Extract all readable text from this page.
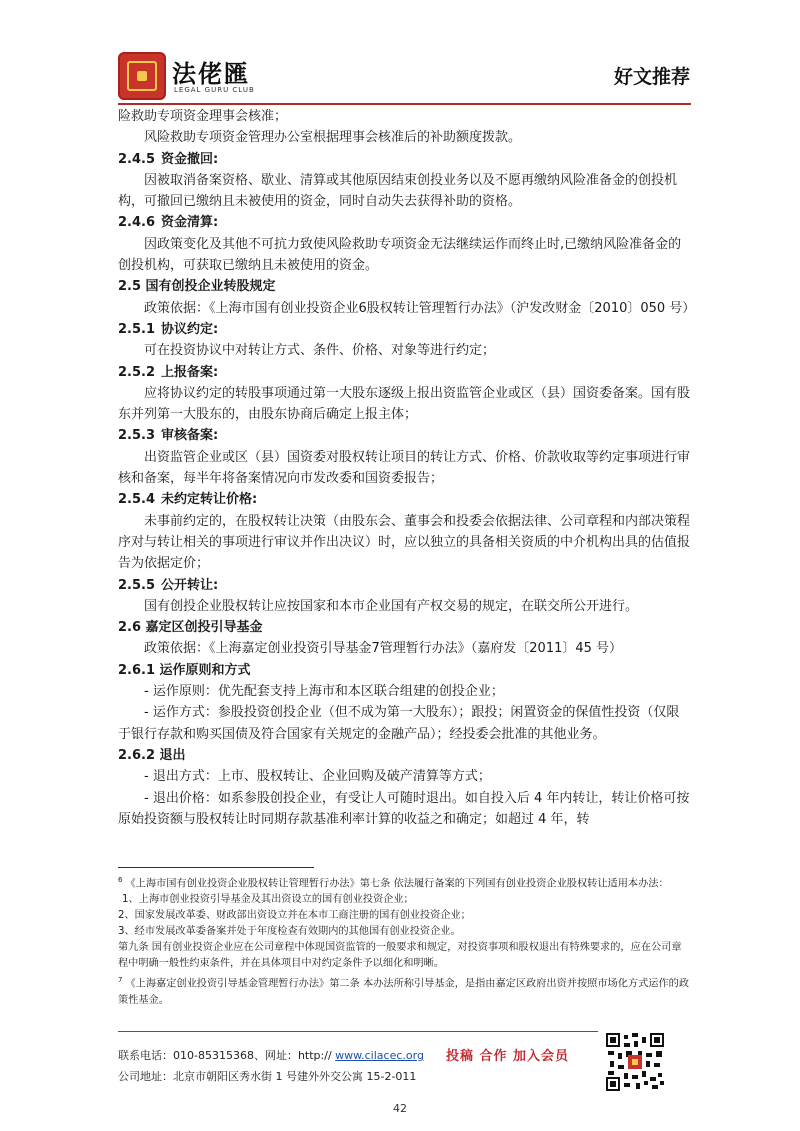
法佬匯
LEGAL GURU CLUB
好文推荐

险救助专项资金理事会核准；

风险救助专项资金管理办公室根据理事会核准后的补助额度拨款。

2.4.5 资金撤回:

因被取消备案资格、歇业、清算或其他原因结束创投业务以及不愿再缴纳风险准备金的创投机构，可撤回已缴纳且未被使用的资金，同时自动失去获得补助的资格。

2.4.6 资金清算:

因政策变化及其他不可抗力致使风险救助专项资金无法继续运作而终止时,已缴纳风险准备金的创投机构，可获取已缴纳且未被使用的资金。

2.5 国有创投企业转股规定

政策依据：《上海市国有创业投资企业6股权转让管理暂行办法》（沪发改财金〔2010〕050 号）

2.5.1 协议约定:

可在投资协议中对转让方式、条件、价格、对象等进行约定；

2.5.2 上报备案:

应将协议约定的转股事项通过第一大股东逐级上报出资监管企业或区（县）国资委备案。国有股东并列第一大股东的，由股东协商后确定上报主体；

2.5.3 审核备案:

出资监管企业或区（县）国资委对股权转让项目的转让方式、价格、价款收取等约定事项进行审核和备案，每半年将备案情况向市发改委和国资委报告；

2.5.4 未约定转让价格:

未事前约定的，在股权转让决策（由股东会、董事会和投委会依据法律、公司章程和内部决策程序对与转让相关的事项进行审议并作出决议）时，应以独立的具备相关资质的中介机构出具的估值报告为依据定价；

2.5.5 公开转让:

国有创投企业股权转让应按国家和本市企业国有产权交易的规定，在联交所公开进行。

2.6 嘉定区创投引导基金

政策依据：《上海嘉定创业投资引导基金7管理暂行办法》（嘉府发〔2011〕45 号）

2.6.1 运作原则和方式

- 运作原则：优先配套支持上海市和本区联合组建的创投企业；

- 运作方式：参股投资创投企业（但不成为第一大股东）；跟投；闲置资金的保值性投资（仅限于银行存款和购买国债及符合国家有关规定的金融产品）；经投委会批准的其他业务。

2.6.2 退出

- 退出方式：上市、股权转让、企业回购及破产清算等方式；

- 退出价格：如系参股创投企业，有受让人可随时退出。如自投入后 4 年内转让，转让价格可按原始投资额与股权转让时同期存款基准利率计算的收益之和确定；如超过 4 年，转

$^6$ 《上海市国有创业投资企业股权转让管理暂行办法》第七条 依法履行备案的下列国有创业投资企业股权转让适用本办法：

1、上海市创业投资引导基金及其出资设立的国有创业投资企业；

2、国家发展改革委、财政部出资设立并在本市工商注册的国有创业投资企业；

3、经市发展改革委备案并处于年度检查有效期内的其他国有创业投资企业。

第九条 国有创业投资企业应在公司章程中体现国资监管的一般要求和规定，对投资事项和股权退出有特殊要求的，应在公司章程中明确一般性约束条件，并在具体项目中对约定条件予以细化和明晰。

$^7$ 《上海嘉定创业投资引导基金管理暂行办法》第二条 本办法所称引导基金，是指由嘉定区政府出资并按照市场化方式运作的政策性基金。

联系电话：010-85315368、网址：http:// www.cilacec.org
公司地址：北京市朝阳区秀水街 1 号建外外交公寓 15-2-011
投稿 合作 加入会员
42
